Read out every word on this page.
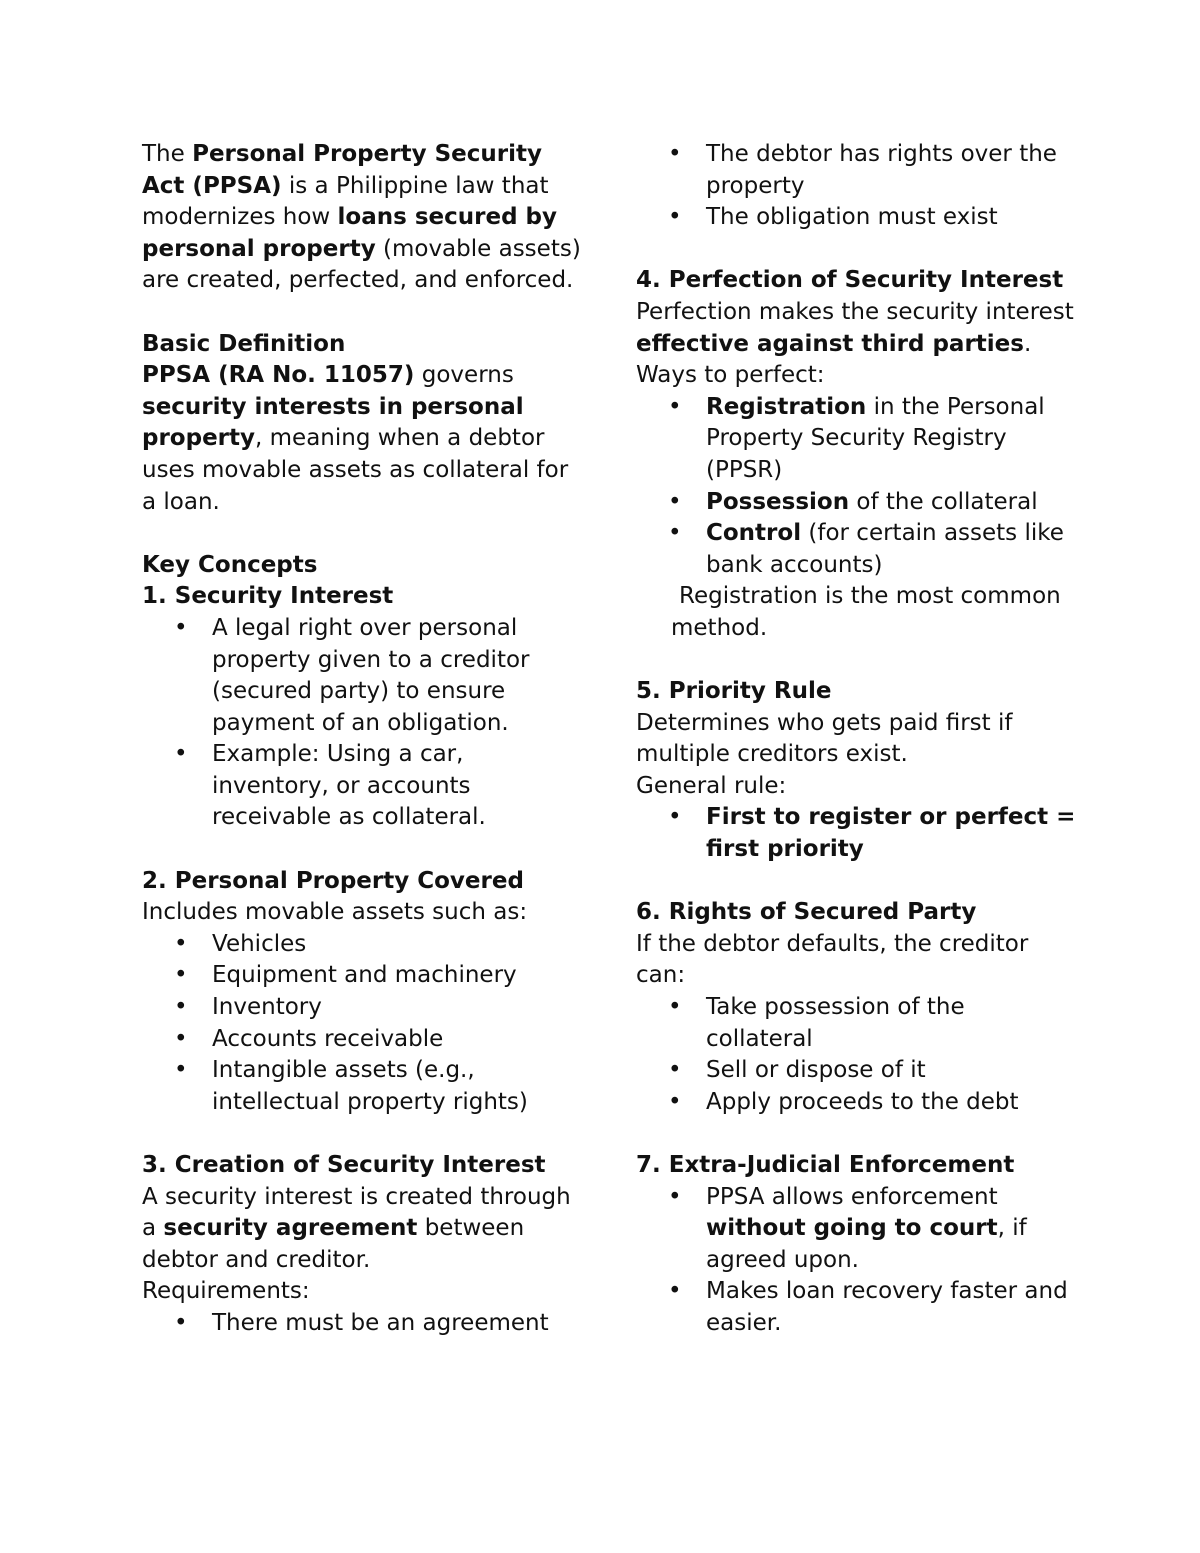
The Personal Property Security Act (PPSA) is a Philippine law that modernizes how loans secured by personal property (movable assets) are created, perfected, and enforced.

Basic Definition

PPSA (RA No. 11057) governs security interests in personal property, meaning when a debtor uses movable assets as collateral for a loan.

Key Concepts

1. Security Interest

• A legal right over personal property given to a creditor (secured party) to ensure payment of an obligation.
• Example: Using a car, inventory, or accounts receivable as collateral.

2. Personal Property Covered

Includes movable assets such as:

• Vehicles
• Equipment and machinery
• Inventory
• Accounts receivable
• Intangible assets (e.g., intellectual property rights)

3. Creation of Security Interest

A security interest is created through a security agreement between debtor and creditor.

Requirements:

• There must be an agreement
• The debtor has rights over the property
• The obligation must exist

4. Perfection of Security Interest

Perfection makes the security interest effective against third parties.

Ways to perfect:

• Registration in the Personal Property Security Registry (PPSR)
• Possession of the collateral
• Control (for certain assets like bank accounts)

Registration is the most common method.

5. Priority Rule

Determines who gets paid first if multiple creditors exist.

General rule:

• First to register or perfect = first priority

6. Rights of Secured Party

If the debtor defaults, the creditor can:

• Take possession of the collateral
• Sell or dispose of it
• Apply proceeds to the debt

7. Extra-Judicial Enforcement

• PPSA allows enforcement without going to court, if agreed upon.
• Makes loan recovery faster and easier.
